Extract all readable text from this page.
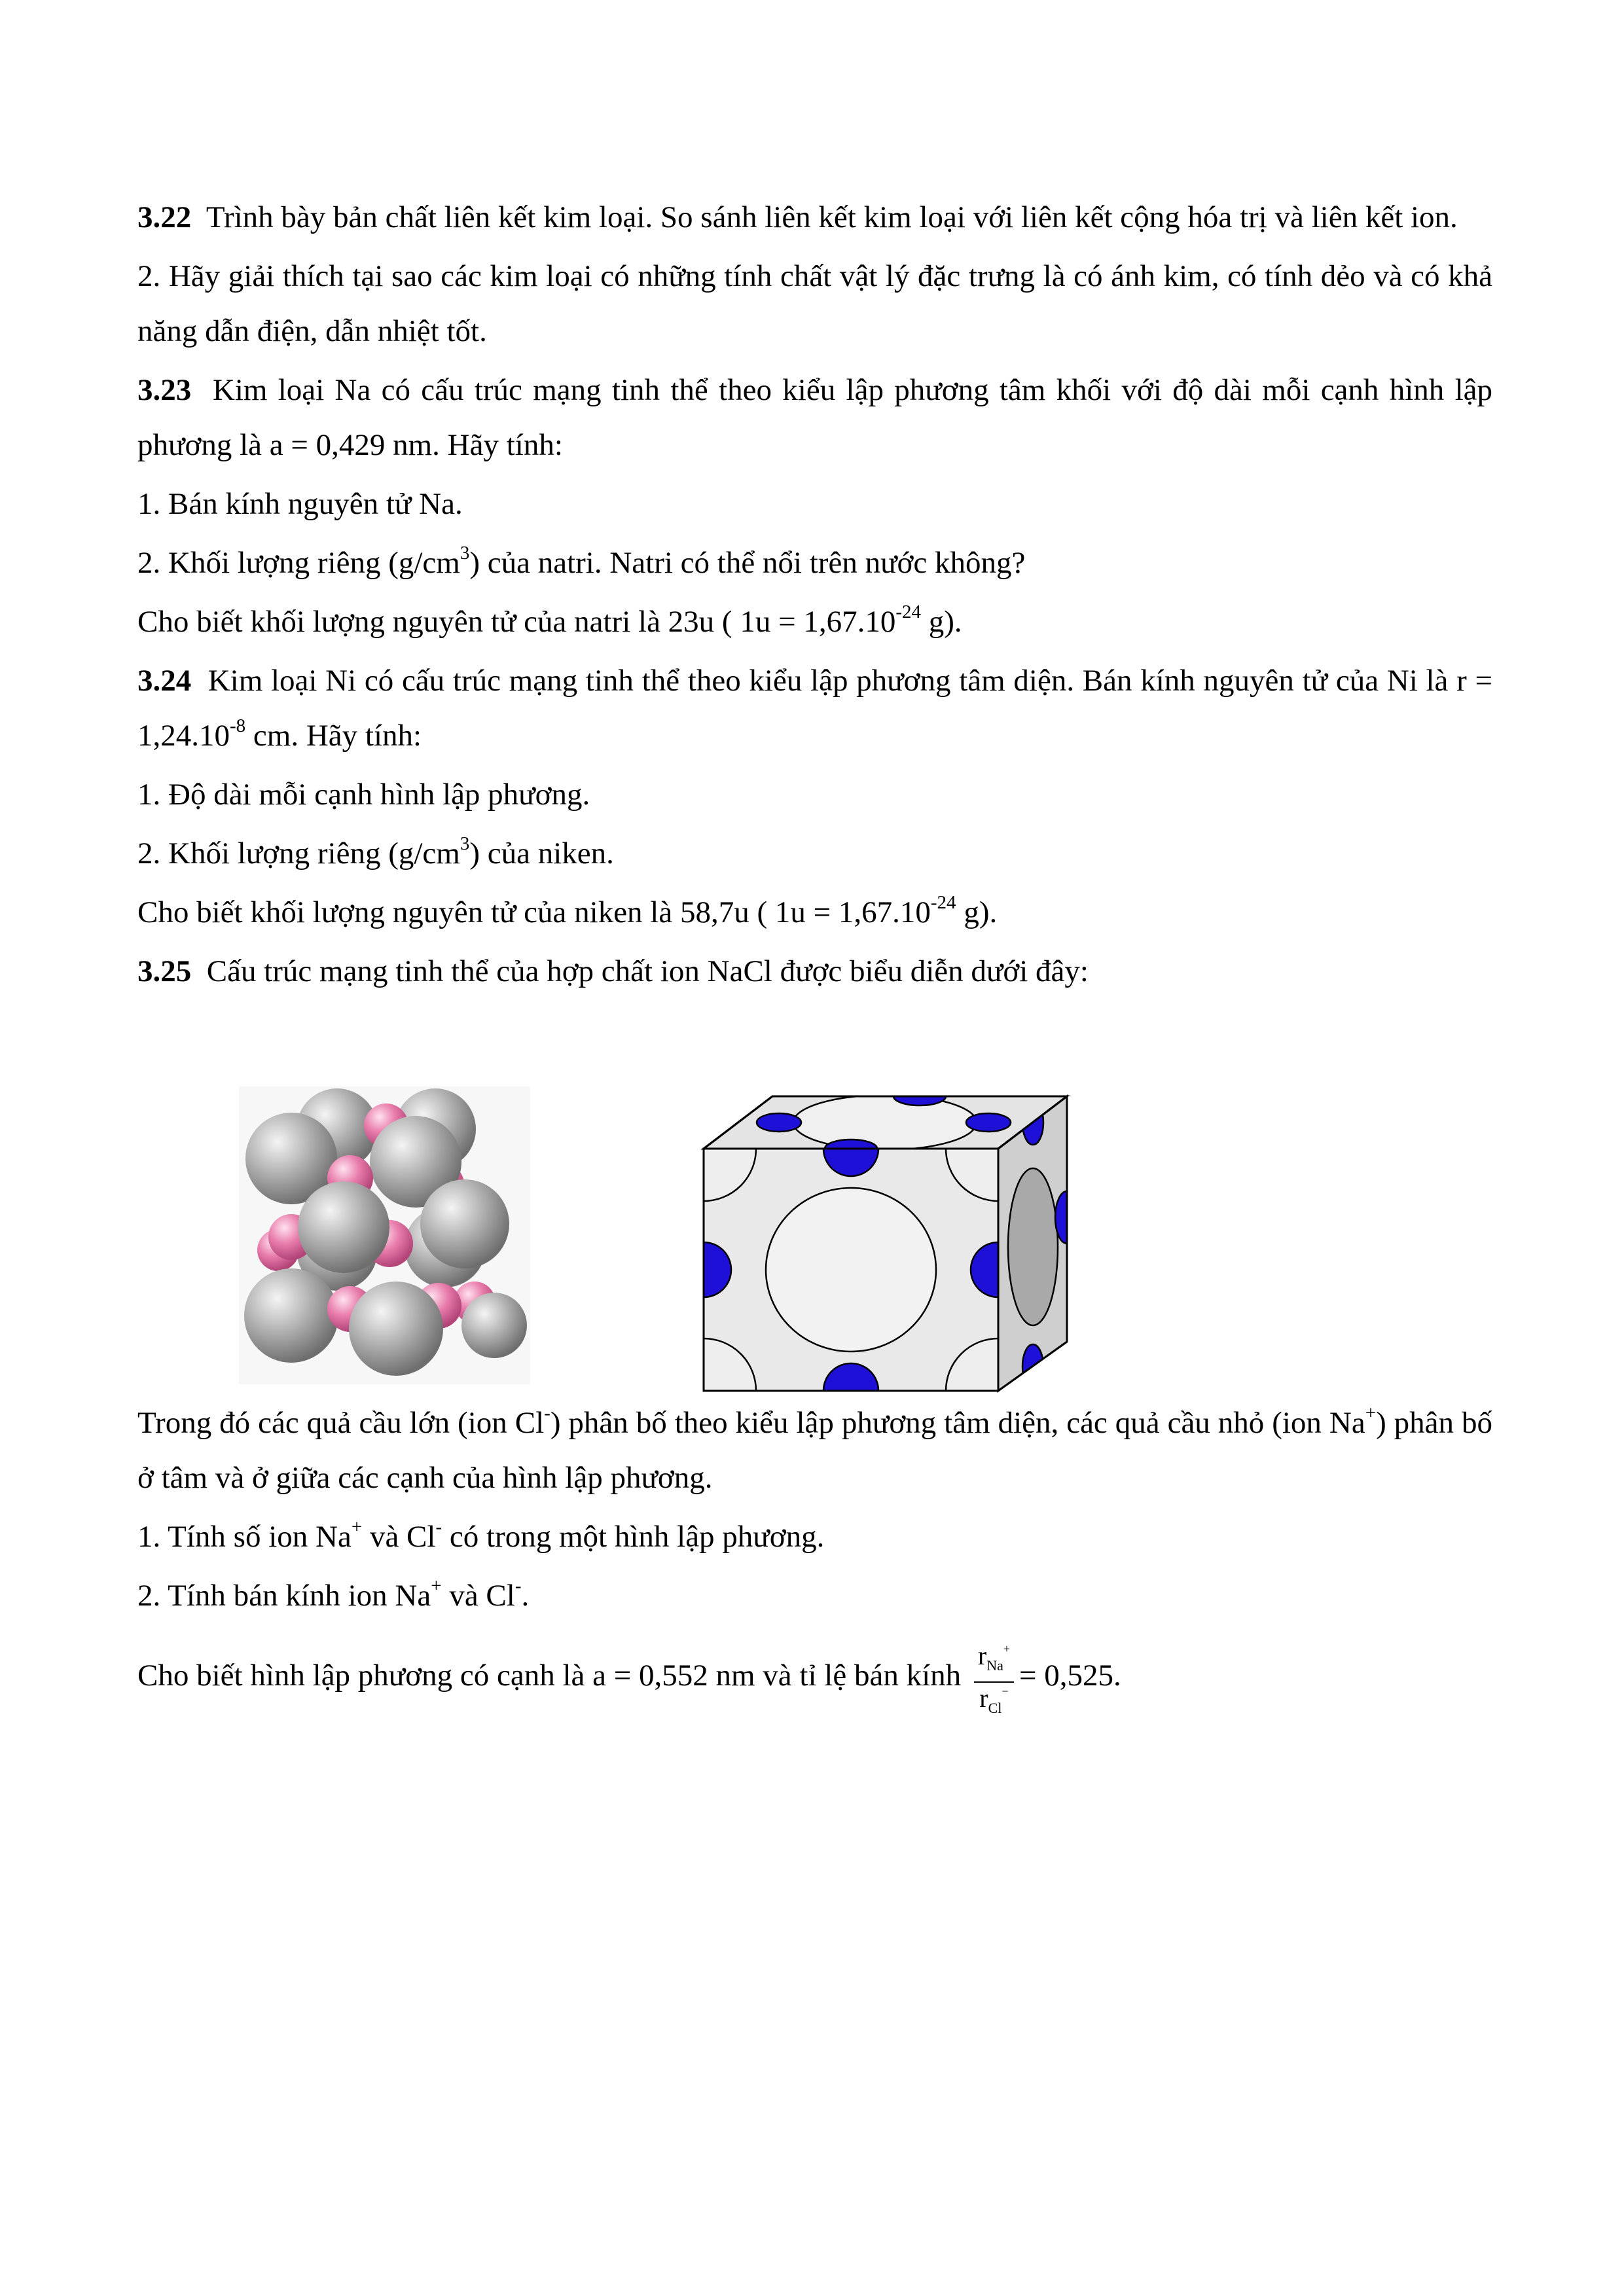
3.22 Trình bày bản chất liên kết kim loại. So sánh liên kết kim loại với liên kết cộng hóa trị và liên kết ion.

2. Hãy giải thích tại sao các kim loại có những tính chất vật lý đặc trưng là có ánh kim, có tính dẻo và có khả năng dẫn điện, dẫn nhiệt tốt.

3.23 Kim loại Na có cấu trúc mạng tinh thể theo kiểu lập phương tâm khối với độ dài mỗi cạnh hình lập phương là a = 0,429 nm. Hãy tính:

1. Bán kính nguyên tử Na.

2. Khối lượng riêng $(g/cm^3)$ của natri. Natri có thể nổi trên nước không?

Cho biết khối lượng nguyên tử của natri là 23u ( $1u = 1,67.10^{-24}$ g).

3.24 Kim loại Ni có cấu trúc mạng tinh thể theo kiểu lập phương tâm diện. Bán kính nguyên tử của Ni là $r = 1,24.10^{-8}$ cm. Hãy tính:

1. Độ dài mỗi cạnh hình lập phương.

2. Khối lượng riêng $(g/cm^3)$ của niken.

Cho biết khối lượng nguyên tử của niken là 58,7u ( $1u = 1,67.10^{-24}$ g).

3.25 Cấu trúc mạng tinh thể của hợp chất ion NaCl được biểu diễn dưới đây:

Trong đó các quả cầu lớn (ion Cl-) phân bố theo kiểu lập phương tâm diện, các quả cầu nhỏ (ion Na+) phân bố ở tâm và ở giữa các cạnh của hình lập phương.

1. Tính số ion Na+ và Cl- có trong một hình lập phương.

2. Tính bán kính ion Na+ và Cl-.

Cho biết hình lập phương có cạnh là a = 0,552 nm và tỉ lệ bán kính $\frac{r_{Na}^+}{r_{Cl}^-} = 0,525$.
